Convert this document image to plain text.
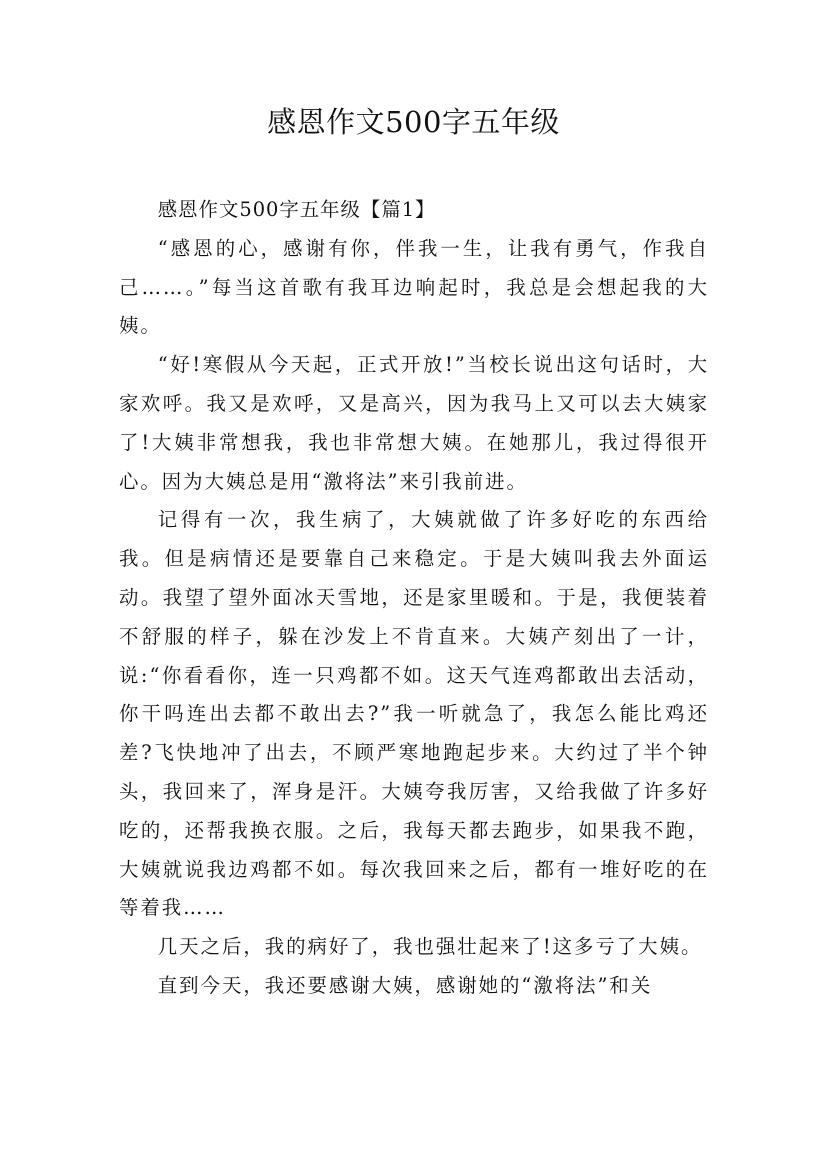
感恩作文500字五年级

感恩作文500字五年级【篇1】

“感恩的心，感谢有你，伴我一生，让我有勇气，作我自己……。”每当这首歌有我耳边响起时，我总是会想起我的大姨。

“好!寒假从今天起，正式开放!”当校长说出这句话时，大家欢呼。我又是欢呼，又是高兴，因为我马上又可以去大姨家了!大姨非常想我，我也非常想大姨。在她那儿，我过得很开心。因为大姨总是用“激将法”来引我前进。

记得有一次，我生病了，大姨就做了许多好吃的东西给我。但是病情还是要靠自己来稳定。于是大姨叫我去外面运动。我望了望外面冰天雪地，还是家里暖和。于是，我便装着不舒服的样子，躲在沙发上不肯直来。大姨产刻出了一计，说:“你看看你，连一只鸡都不如。这天气连鸡都敢出去活动，你干吗连出去都不敢出去?”我一听就急了，我怎么能比鸡还差?飞快地冲了出去，不顾严寒地跑起步来。大约过了半个钟头，我回来了，浑身是汗。大姨夸我厉害，又给我做了许多好吃的，还帮我换衣服。之后，我每天都去跑步，如果我不跑，大姨就说我边鸡都不如。每次我回来之后，都有一堆好吃的在等着我……

几天之后，我的病好了，我也强壮起来了!这多亏了大姨。

直到今天，我还要感谢大姨，感谢她的“激将法”和关
